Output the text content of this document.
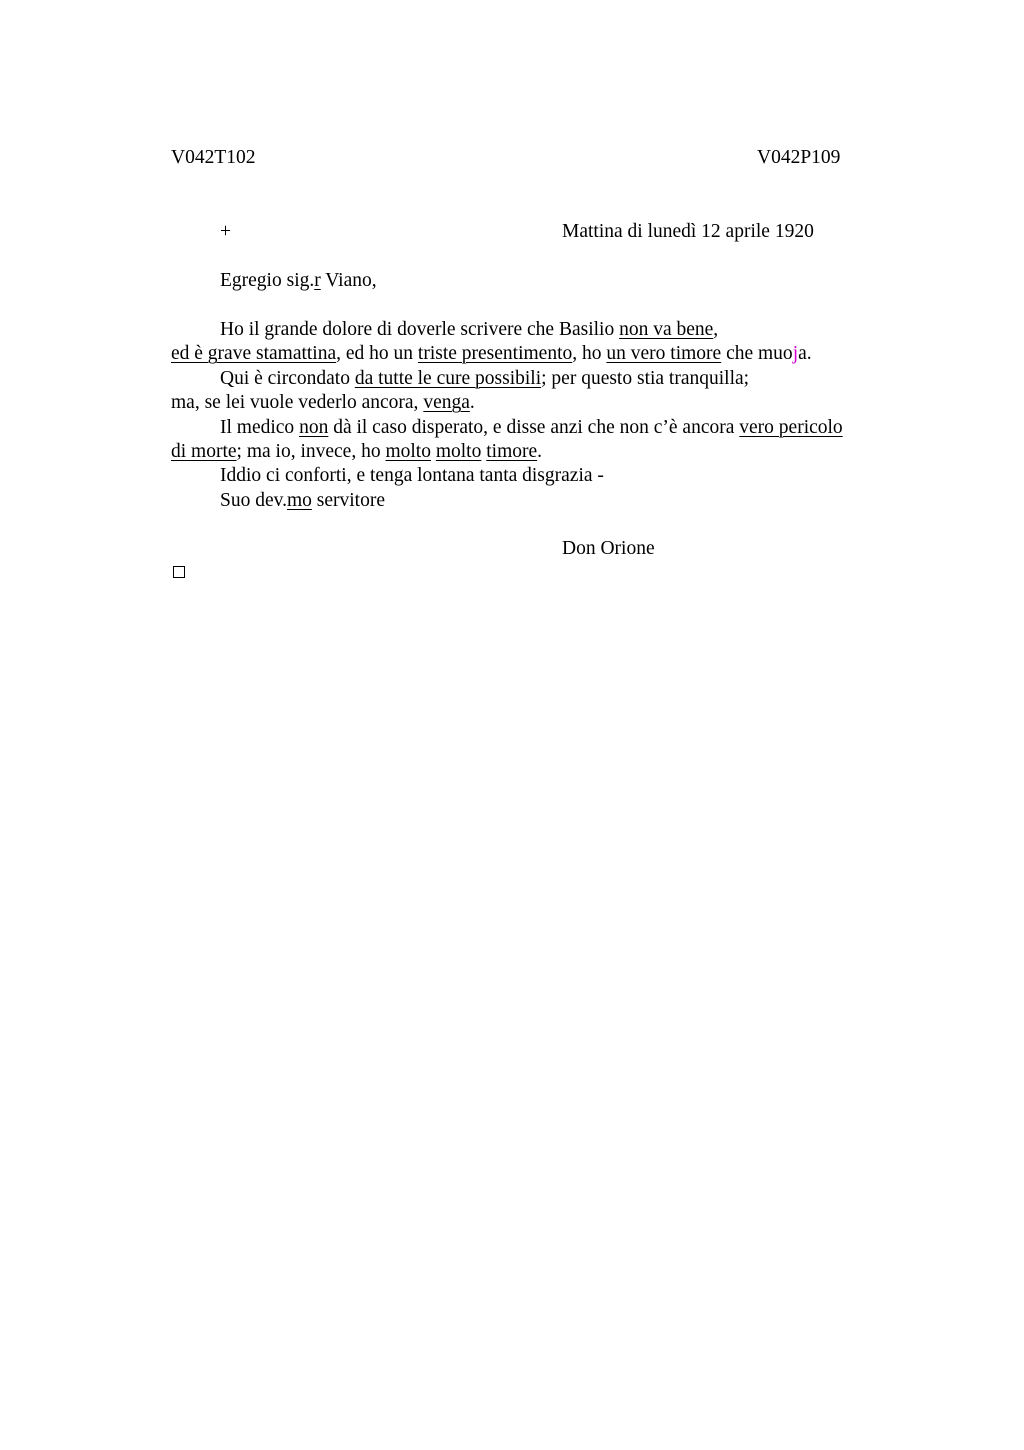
V042T102	V042P109
+	Mattina di lunedì 12 aprile 1920
Egregio sig.r Viano,
Ho il grande dolore di doverle scrivere che Basilio non va bene,
ed è grave stamattina, ed ho un triste presentimento, ho un vero timore che muoja.
Qui è circondato da tutte le cure possibili; per questo stia tranquilla;
ma, se lei vuole vederlo ancora, venga.
Il medico non dà il caso disperato, e disse anzi che non c’è ancora vero pericolo
di morte; ma io, invece, ho molto molto timore.
Iddio ci conforti, e tenga lontana tanta disgrazia -
Suo dev.mo servitore
Don Orione
